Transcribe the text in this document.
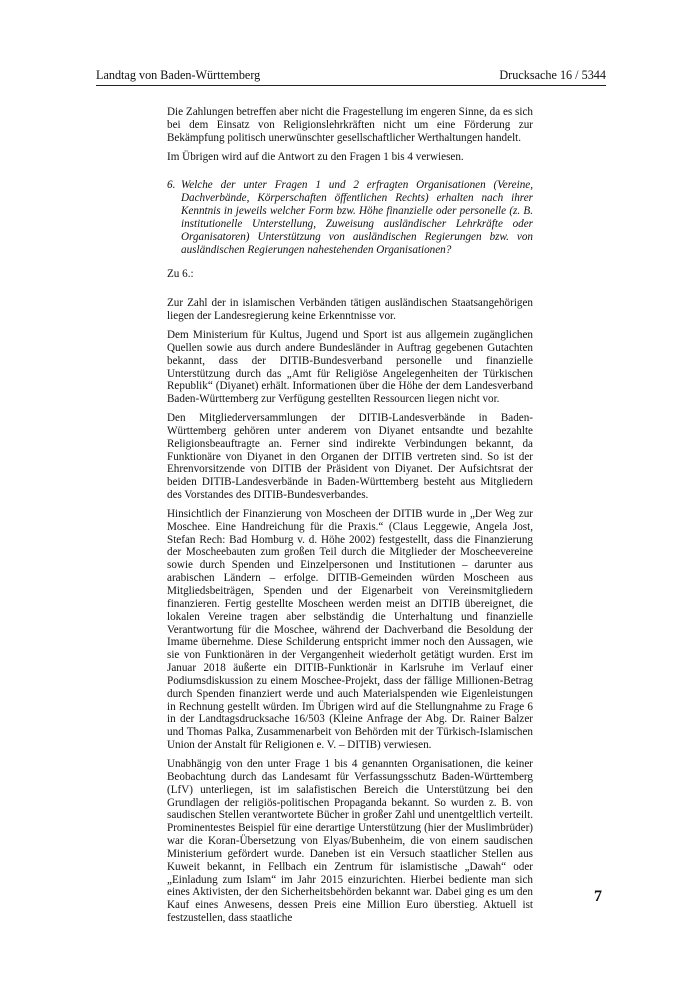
Landtag von Baden-Württemberg	Drucksache 16 / 5344

Die Zahlungen betreffen aber nicht die Fragestellung im engeren Sinne, da es sich bei dem Einsatz von Religionslehrkräften nicht um eine Förderung zur Bekämpfung politisch unerwünschter gesellschaftlicher Werthaltungen handelt.

Im Übrigen wird auf die Antwort zu den Fragen 1 bis 4 verwiesen.

6. Welche der unter Fragen 1 und 2 erfragten Organisationen (Vereine, Dachverbände, Körperschaften öffentlichen Rechts) erhalten nach ihrer Kenntnis in jeweils welcher Form bzw. Höhe finanzielle oder personelle (z. B. institutionelle Unterstellung, Zuweisung ausländischer Lehrkräfte oder Organisatoren) Unterstützung von ausländischen Regierungen bzw. von ausländischen Regierungen nahestehenden Organisationen?

Zu 6.:

Zur Zahl der in islamischen Verbänden tätigen ausländischen Staatsangehörigen liegen der Landesregierung keine Erkenntnisse vor.

Dem Ministerium für Kultus, Jugend und Sport ist aus allgemein zugänglichen Quellen sowie aus durch andere Bundesländer in Auftrag gegebenen Gutachten bekannt, dass der DITIB-Bundesverband personelle und finanzielle Unterstützung durch das „Amt für Religiöse Angelegenheiten der Türkischen Republik“ (Diyanet) erhält. Informationen über die Höhe der dem Landesverband Baden-Württemberg zur Verfügung gestellten Ressourcen liegen nicht vor.

Den Mitgliederversammlungen der DITIB-Landesverbände in Baden-Württemberg gehören unter anderem von Diyanet entsandte und bezahlte Religionsbeauftragte an. Ferner sind indirekte Verbindungen bekannt, da Funktionäre von Diyanet in den Organen der DITIB vertreten sind. So ist der Ehrenvorsitzende von DITIB der Präsident von Diyanet. Der Aufsichtsrat der beiden DITIB-Landesverbände in Baden-Württemberg besteht aus Mitgliedern des Vorstandes des DITIB-Bundesverbandes.

Hinsichtlich der Finanzierung von Moscheen der DITIB wurde in „Der Weg zur Moschee. Eine Handreichung für die Praxis.“ (Claus Leggewie, Angela Jost, Stefan Rech: Bad Homburg v. d. Höhe 2002) festgestellt, dass die Finanzierung der Moscheebauten zum großen Teil durch die Mitglieder der Moscheevereine sowie durch Spenden und Einzelpersonen und Institutionen – darunter aus arabischen Ländern – erfolge. DITIB-Gemeinden würden Moscheen aus Mitgliedsbeiträgen, Spenden und der Eigenarbeit von Vereinsmitgliedern finanzieren. Fertig gestellte Moscheen werden meist an DITIB übereignet, die lokalen Vereine tragen aber selbständig die Unterhaltung und finanzielle Verantwortung für die Moschee, während der Dachverband die Besoldung der Imame übernehme. Diese Schilderung entspricht immer noch den Aussagen, wie sie von Funktionären in der Vergangenheit wiederholt getätigt wurden. Erst im Januar 2018 äußerte ein DITIB-Funktionär in Karlsruhe im Verlauf einer Podiumsdiskussion zu einem Moschee-Projekt, dass der fällige Millionen-Betrag durch Spenden finanziert werde und auch Materialspenden wie Eigenleistungen in Rechnung gestellt würden. Im Übrigen wird auf die Stellungnahme zu Frage 6 in der Landtagsdrucksache 16/503 (Kleine Anfrage der Abg. Dr. Rainer Balzer und Thomas Palka, Zusammenarbeit von Behörden mit der Türkisch-Islamischen Union der Anstalt für Religionen e. V. – DITIB) verwiesen.

Unabhängig von den unter Frage 1 bis 4 genannten Organisationen, die keiner Beobachtung durch das Landesamt für Verfassungsschutz Baden-Württemberg (LfV) unterliegen, ist im salafistischen Bereich die Unterstützung bei den Grundlagen der religiös-politischen Propaganda bekannt. So wurden z. B. von saudischen Stellen verantwortete Bücher in großer Zahl und unentgeltlich verteilt. Prominentestes Beispiel für eine derartige Unterstützung (hier der Muslimbrüder) war die Koran-Übersetzung von Elyas/Bubenheim, die von einem saudischen Ministerium gefördert wurde. Daneben ist ein Versuch staatlicher Stellen aus Kuweit bekannt, in Fellbach ein Zentrum für islamistische „Dawah“ oder „Einladung zum Islam“ im Jahr 2015 einzurichten. Hierbei bediente man sich eines Aktivisten, der den Sicherheitsbehörden bekannt war. Dabei ging es um den Kauf eines Anwesens, dessen Preis eine Million Euro überstieg. Aktuell ist festzustellen, dass staatliche

7
